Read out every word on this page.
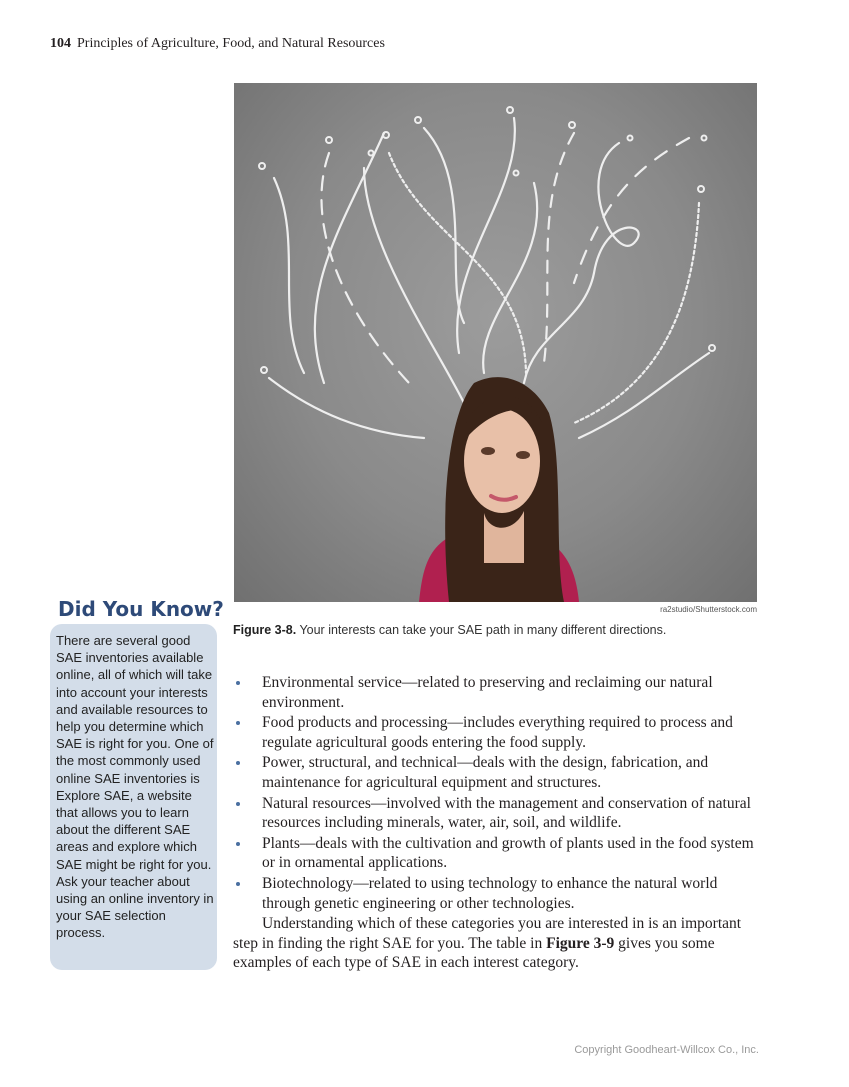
104 Principles of Agriculture, Food, and Natural Resources
ra2studio/Shutterstock.com
Figure 3-8. Your interests can take your SAE path in many different directions.
Did You Know?
There are several good SAE inventories available online, all of which will take into account your interests and available resources to help you determine which SAE is right for you. One of the most commonly used online SAE inventories is Explore SAE, a website that allows you to learn about the different SAE areas and explore which SAE might be right for you. Ask your teacher about using an online inventory in your SAE selection process.
Environmental service—related to preserving and reclaiming our natural environment.
Food products and processing—includes everything required to process and regulate agricultural goods entering the food supply.
Power, structural, and technical—deals with the design, fabrication, and maintenance for agricultural equipment and structures.
Natural resources—involved with the management and conservation of natural resources including minerals, water, air, soil, and wildlife.
Plants—deals with the cultivation and growth of plants used in the food system or in ornamental applications.
Biotechnology—related to using technology to enhance the natural world through genetic engineering or other technologies.

Understanding which of these categories you are interested in is an important step in finding the right SAE for you. The table in Figure 3-9 gives you some examples of each type of SAE in each interest category.

Copyright Goodheart-Willcox Co., Inc.
